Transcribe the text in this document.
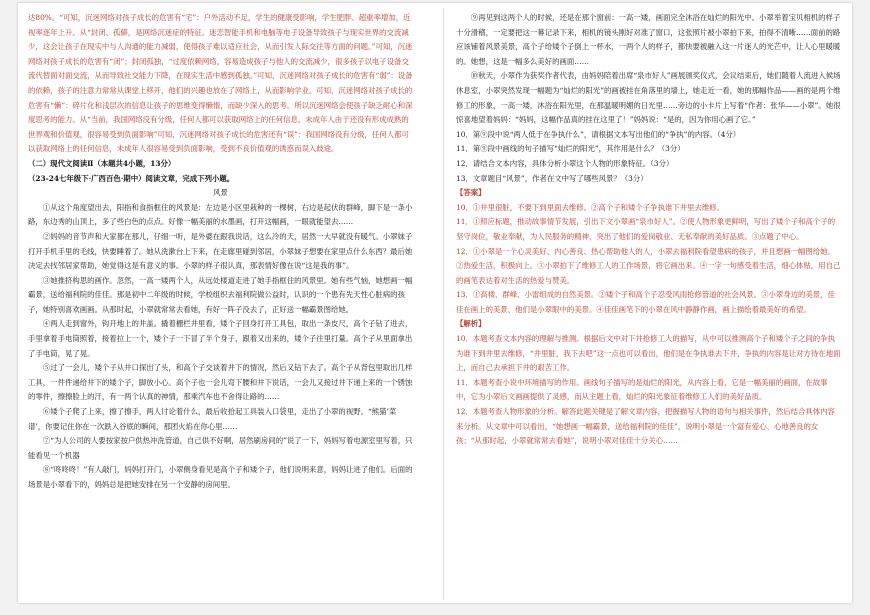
达80%。“可知，沉迷网络对孩子成长的危害有“宅”：户外活动不足，学生的健康受影响，学生肥胖、超重率增加，近视率逐年上升。从“封闭、孤僻，是网络沉迷症的特征。迷恋智能手机和电脑等电子设备导致孩子与现实世界的交流减少，这会让孩子在现实中与人沟通的能力减弱，使得孩子难以适应社会，从而引发人际交往等方面的问题。”可知，沉迷网络对孩子成长的危害有“闭”；封闭孤独，“过度依赖网络，容易造成孩子与他人的交流减少，很多孩子以电子设备交流代替面对面交流，从而导致社交能力下降，在现实生活中感到孤独。”可知，沉迷网络对孩子成长的危害有“弱”：设备的依赖，孩子的注意力常常从课堂上移开，他们的兴趣也放在了网络上，从而影响学业。可知，沉迷网络对孩子成长的危害有“懒”：碎片化和浅层次的信息让孩子的思维变得懒惰，而缺少深入的思考。所以沉迷网络会使孩子缺乏耐心和深度思考的能力。从“当前，我国网络没有分级，任何人都可以获取网络上的任何信息，未成年人由于还没有形成成熟的世界观和价值观，很容易受到负面影响”可知，沉迷网络对孩子成长的危害还有“误”：我国网络没有分级，任何人都可以获取网络上的任何信息，未成年人很容易受到负面影响，受到不良价值观的诱惑而误入歧途。

（二）现代文阅读Ⅱ（本题共4小题，13分）

（23-24七年级下·广西百色·期中）阅读文章，完成下列小题。

风景

①从这个角度望出去，阳指和食指框住的风景是：左边是小区里栽种的一棵树，右边是起伏的群峰，脚下是一条小路，东边秀的山顶上，多了些白色的点点。好像一幅美丽的水墨画，打开这幅画，一眼就能望去……

②妈妈的音节声和大家都在那儿，仔细一听，是外婆在跟我说话，这么冷的天，居然一大早就没有暖气。小翠妹子打开手机手里的毛线，快要睡着了。她从洗漱台上下来，在走廊里碰到邻居，小翠妹子想要在家里点什么东西？最后她决定去找邻居家帮助，她觉得这是有意义的事。小翠的样子很认真，那表情好像在说“这是我的事”。

③她推挤构思的画作。忽然，一高一矮两个人，从远处楼道走进了她手指框住的风景里。她有些气恼，她想画一幅霸景，送给福利院的佳佳。那是初中二年级的时候，学校组织去福利院做公益时，认识的一个患有先天性心脏病的孩子，她特别喜欢画画。从那时起，小翠就常常去看她，有好一阵子没去了，正好送一幅霸景图给她。

④两人走到窗外，钩开地上的井盖。撬着栅栏井里看，矮个子回身打开工具包，取出一条皮尺，高个子钻了进去，手里拿着手电筒照着，接着拉上一个，矮个子一下冒了半个身子，跟着又出来的，矮个子往里打量。高个子从里面拿出了手电筒，晃了晃。

⑤过了一会儿，矮个子从井口探出了头，和高个子交谈着井下的情况，然后又钻下去了。高个子从背包里取出几样工具，一件件递给井下的矮个子，脚放小心。高个子也一会儿弯下腰和井下说话，一会儿又接过井下递上来的一个锈蚀的零件，擦擦脸上的汗，有一两个认真的神情，那乘汽车也不舍得让路的……

⑥矮个子爬了上来，擦了擦手，两人讨论着什么，最后收拾起工具装入口袋里，走出了小翠的视野。“熊猫’菜谱’，你要记住你在一次跌入谷底的瞬间，那团火焰在你心里……

⑦“为人公司的人要按家按户供热冲洗管道，自己供不好啊，居然刷房间的”说了一下，妈妈写着电源室里写着，只能看见一个机器

⑧“咚咚咚！”有人敲门，妈妈打开门，小翠侧身看见是高个子和矮个子，他们说明来意，妈妈让进了他们。后面的场景是小翠看下的，妈妈总是把她安排在另一个安静的房间里。

⑨再见到这两个人的时候，还是在那个窗前：一高一矮，画面完全沐浴在灿烂的阳光中。小翠举着宝贝相机的样子十分滑稽，一定要把这一幕记录下来，相机的镜头刚好对准了窗口，这张照片被小翠拍下来，拍得不清晰……面前的路应该铺着风景美景，高个子给矮个子倒上一杯水，一两个人的样子，都快要被融入这一片迷人的光芒中，让人心里暖暖的。她想，这是一幅多么美好的画面……

⑩秋天，小翠作为获奖作者代表，由妈妈陪着出席“泉市好人”画展颁奖仪式，会议结束后，她们随着人流进入候场休息室，小翠突然发现一幅题为“灿烂的阳光”的画被挂在角落里的墙上，她走近一看，她的那幅作品——画的是两个维修工的形象，一高一矮，沐浴在阳光里，在那温暖明媚的日光里……旁边的小卡片上写着“作者：张华——小翠”。她很惊喜地望着妈妈：“妈妈，这幅作品真的挂在这里了！”妈妈说：“是的，因为你用心画了它。”

10．第⑨段中说“两人低于在争执什么”，请根据文本写出他们的“争执”的内容。（4分）

11．第⑨段中画线的句子描写“灿烂的阳光”，其作用是什么？（3分）

12．请结合文本内容，具体分析小翠这个人物的形象特征。（3分）

13．文章题目“风景”，作者在文中写了哪些风景？（3分）

【答案】

10．①井里很脏，不要下到里面去维修。②高个子和矮个子争执谁下井里去维修。

11．①照应标题，推动故事情节发展，引出下文小翠画“泉市好人”。②使人物形象更鲜明，写出了矮个子和高个子的坚守岗位，敬业奉献，为人民服务的精神，突出了他们的爱岗敬业、无私奉献的美好品质。③点题了中心。

12．①小翠是一个心灵美好、内心善良、热心帮助他人的人，小翠去福利院看望患病的孩子，并且想画一幅图给她。②热爱生活，积极向上。③小翠拍下了维修工人的工作场景，将它画出来。④一字一句感受着生活，细心体贴，用自己的画笔表达着对生活的热爱与赞美。

13．①高楼、群峰、小雷组成的自然美景。②矮个子和高个子忍受风雨抢修管道的社会风景。③小翠身边的美景，佳佳在画上的美景，他们是小翠眼中的美景。④佳佳画笔下的小翠在风中静静作画，画上描绘着最美好的希望。

【解析】

10．本题考查文本内容的理解与推测。根据后文中对下井抢修工人的描写，从中可以推测高个子和矮个子之间的争执为谁下到井里去维修，“井里脏，我下去吧”这一点也可以看出，他们是在争执谁去下井，争执的内容是让对方待在地面上，而自己去承担下井的艰苦工作。
11．本题考查小说中环境描写的作用。画线句子描写的是灿烂的阳光，从内容上看，它是一幅美丽的画面，在故事中，它为小翠后文画画提供了灵感，而从主题上看，灿烂的阳光象征着维修工人们的美好品质。
12．本题考查人物形象的分析。解答此题关键是了解文章内容，把握描写人物的语句与相关事件，然后结合具体内容来分析。从文章中可以看出，“她想画一幅霸景，送给福利院的佳佳”，说明小翠是一个富有爱心、心地善良的女孩；“从那时起，小翠就常常去看她”，说明小翠对佳佳十分关心……
